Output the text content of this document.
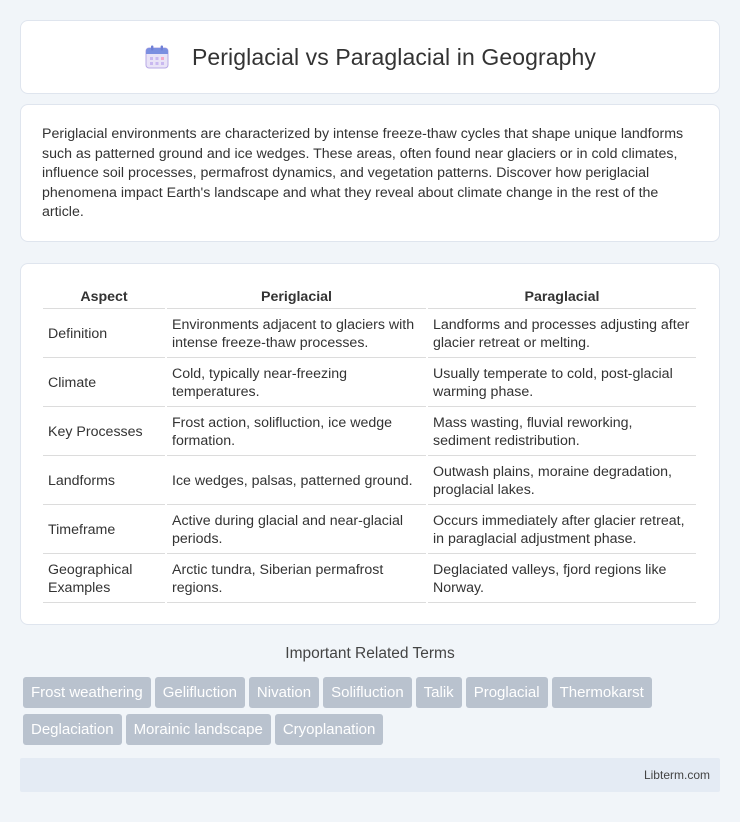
Periglacial vs Paraglacial in Geography

Periglacial environments are characterized by intense freeze-thaw cycles that shape unique landforms such as patterned ground and ice wedges. These areas, often found near glaciers or in cold climates, influence soil processes, permafrost dynamics, and vegetation patterns. Discover how periglacial phenomena impact Earth's landscape and what they reveal about climate change in the rest of the article.

Aspect	Periglacial	Paraglacial
Definition	Environments adjacent to glaciers with intense freeze-thaw processes.	Landforms and processes adjusting after glacier retreat or melting.
Climate	Cold, typically near-freezing temperatures.	Usually temperate to cold, post-glacial warming phase.
Key Processes	Frost action, solifluction, ice wedge formation.	Mass wasting, fluvial reworking, sediment redistribution.
Landforms	Ice wedges, palsas, patterned ground.	Outwash plains, moraine degradation, proglacial lakes.
Timeframe	Active during glacial and near-glacial periods.	Occurs immediately after glacier retreat, in paraglacial adjustment phase.
Geographical Examples	Arctic tundra, Siberian permafrost regions.	Deglaciated valleys, fjord regions like Norway.
Important Related Terms
Frost weathering Gelifluction Nivation Solifluction Talik Proglacial ThermokarstDeglaciation Morainic landscape Cryoplanation
Libterm.com
